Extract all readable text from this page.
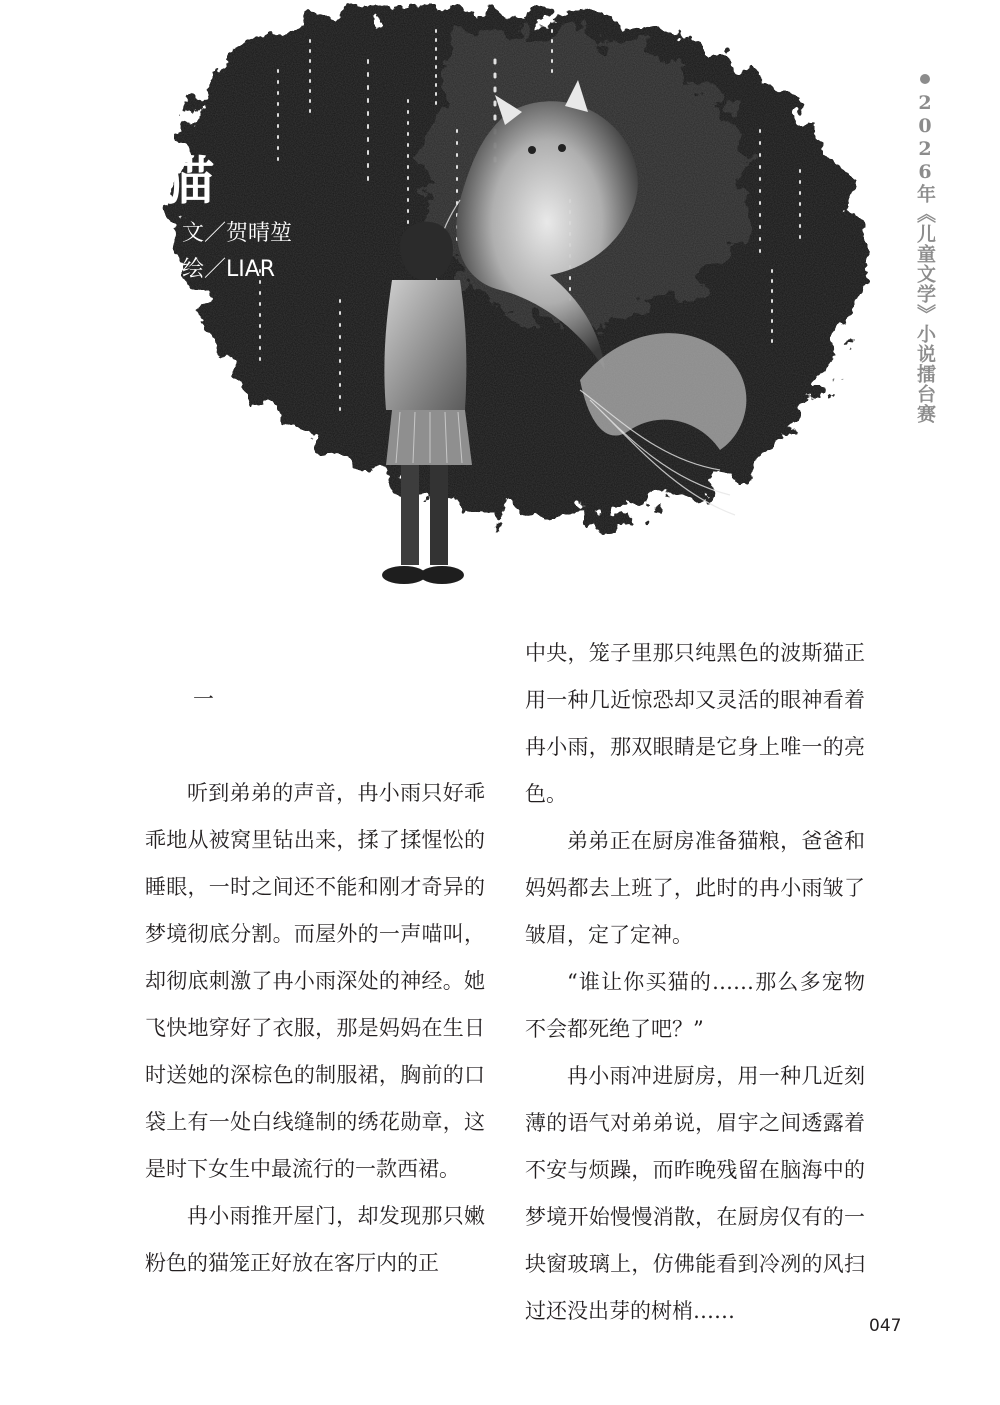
猫
文／贺晴堃
绘／LIAR	2026年《儿童文学》小说擂台赛
一

听到弟弟的声音，冉小雨只好乖乖地从被窝里钻出来，揉了揉惺忪的睡眼，一时之间还不能和刚才奇异的梦境彻底分割。而屋外的一声喵叫，却彻底刺激了冉小雨深处的神经。她飞快地穿好了衣服，那是妈妈在生日时送她的深棕色的制服裙，胸前的口袋上有一处白线缝制的绣花勋章，这是时下女生中最流行的一款西裙。

冉小雨推开屋门，却发现那只嫩粉色的猫笼正好放在客厅内的正

中央，笼子里那只纯黑色的波斯猫正用一种几近惊恐却又灵活的眼神看着冉小雨，那双眼睛是它身上唯一的亮色。

弟弟正在厨房准备猫粮，爸爸和妈妈都去上班了，此时的冉小雨皱了皱眉，定了定神。

“谁让你买猫的……那么多宠物不会都死绝了吧？”

冉小雨冲进厨房，用一种几近刻薄的语气对弟弟说，眉宇之间透露着不安与烦躁，而昨晚残留在脑海中的梦境开始慢慢消散，在厨房仅有的一块窗玻璃上，仿佛能看到冷冽的风扫过还没出芽的树梢……

047
